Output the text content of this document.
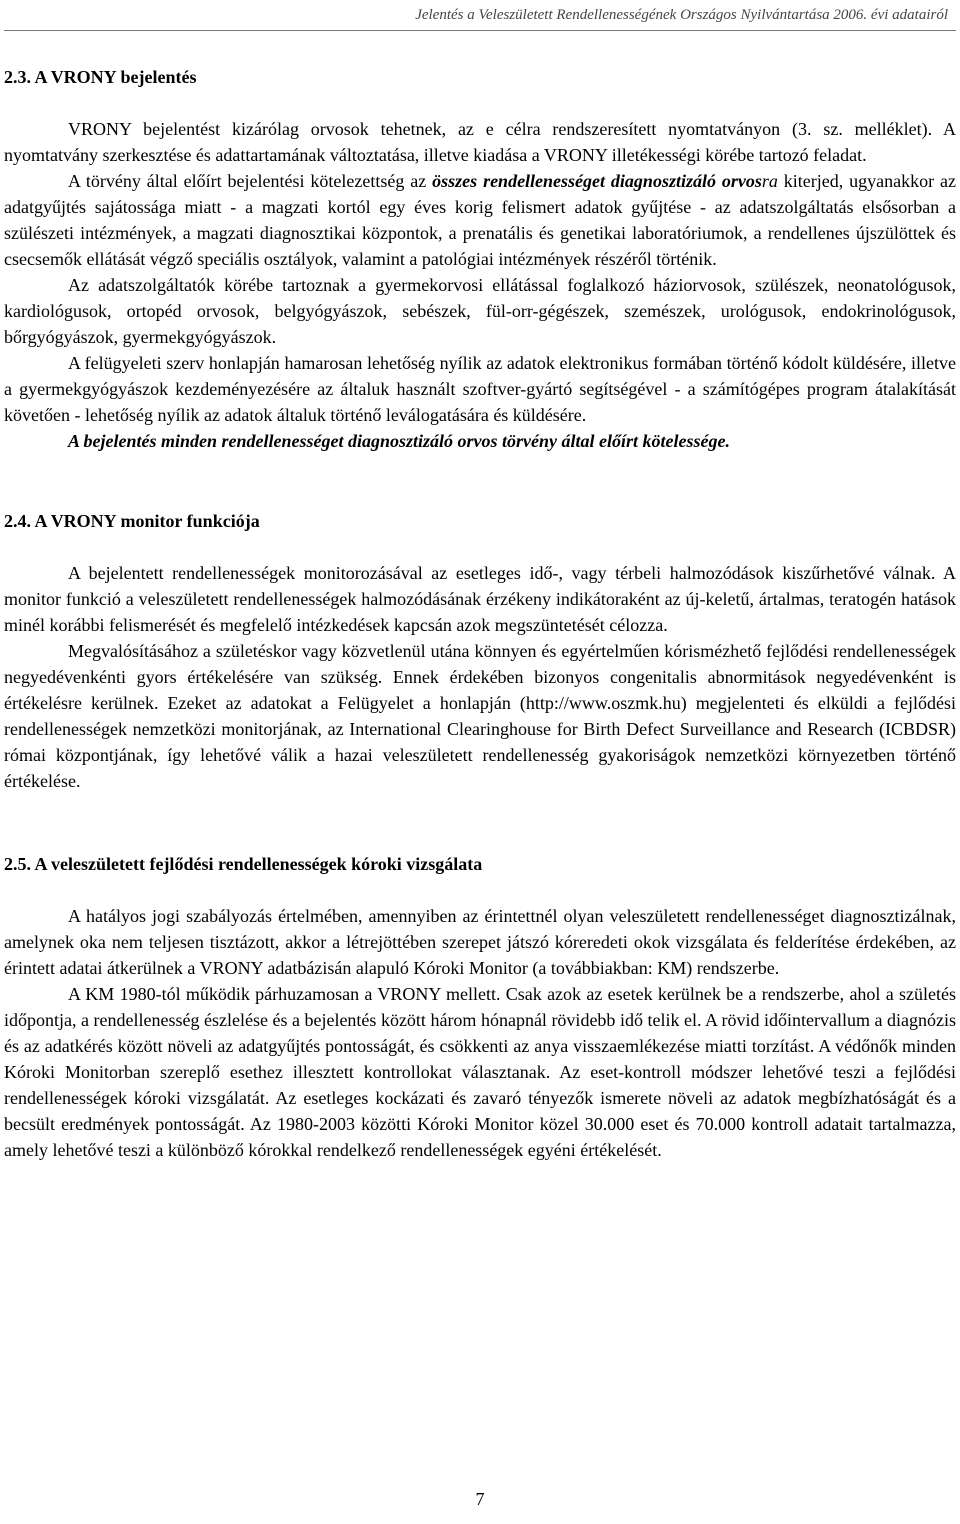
Jelentés a Veleszületett Rendellenességének Országos Nyilvántartása 2006. évi adatairól
2.3. A VRONY bejelentés

VRONY bejelentést kizárólag orvosok tehetnek, az e célra rendszeresített nyomtatványon (3. sz. melléklet). A nyomtatvány szerkesztése és adattartamának változtatása, illetve kiadása a VRONY illetékességi körébe tartozó feladat.

A törvény által előírt bejelentési kötelezettség az összes rendellenességet diagnosztizáló orvosra kiterjed, ugyanakkor az adatgyűjtés sajátossága miatt - a magzati kortól egy éves korig felismert adatok gyűjtése - az adatszolgáltatás elsősorban a szülészeti intézmények, a magzati diagnosztikai központok, a prenatális és genetikai laboratóriumok, a rendellenes újszülöttek és csecsemők ellátását végző speciális osztályok, valamint a patológiai intézmények részéről történik.

Az adatszolgáltatók körébe tartoznak a gyermekorvosi ellátással foglalkozó háziorvosok, szülészek, neonatológusok, kardiológusok, ortopéd orvosok, belgyógyászok, sebészek, fül-orr-gégészek, szemészek, urológusok, endokrinológusok, bőrgyógyászok, gyermekgyógyászok.

A felügyeleti szerv honlapján hamarosan lehetőség nyílik az adatok elektronikus formában történő kódolt küldésére, illetve a gyermekgyógyászok kezdeményezésére az általuk használt szoftver-gyártó segítségével - a számítógépes program átalakítását követően - lehetőség nyílik az adatok általuk történő leválogatására és küldésére.

A bejelentés minden rendellenességet diagnosztizáló orvos törvény által előírt kötelessége.

2.4. A VRONY monitor funkciója

A bejelentett rendellenességek monitorozásával az esetleges idő-, vagy térbeli halmozódások kiszűrhetővé válnak. A monitor funkció a veleszületett rendellenességek halmozódásának érzékeny indikátoraként az új-keletű, ártalmas, teratogén hatások minél korábbi felismerését és megfelelő intézkedések kapcsán azok megszüntetését célozza.

Megvalósításához a születéskor vagy közvetlenül utána könnyen és egyértelműen kórismézhető fejlődési rendellenességek negyedévenkénti gyors értékelésére van szükség. Ennek érdekében bizonyos congenitalis abnormitások negyedévenként is értékelésre kerülnek. Ezeket az adatokat a Felügyelet a honlapján (http://www.oszmk.hu) megjelenteti és elküldi a fejlődési rendellenességek nemzetközi monitorjának, az International Clearinghouse for Birth Defect Surveillance and Research (ICBDSR) római központjának, így lehetővé válik a hazai veleszületett rendellenesség gyakoriságok nemzetközi környezetben történő értékelése.

2.5. A veleszületett fejlődési rendellenességek kóroki vizsgálata

A hatályos jogi szabályozás értelmében, amennyiben az érintettnél olyan veleszületett rendellenességet diagnosztizálnak, amelynek oka nem teljesen tisztázott, akkor a létrejöttében szerepet játszó kóreredeti okok vizsgálata és felderítése érdekében, az érintett adatai átkerülnek a VRONY adatbázisán alapuló Kóroki Monitor (a továbbiakban: KM) rendszerbe.

A KM 1980-tól működik párhuzamosan a VRONY mellett. Csak azok az esetek kerülnek be a rendszerbe, ahol a születés időpontja, a rendellenesség észlelése és a bejelentés között három hónapnál rövidebb idő telik el. A rövid időintervallum a diagnózis és az adatkérés között növeli az adatgyűjtés pontosságát, és csökkenti az anya visszaemlékezése miatti torzítást. A védőnők minden Kóroki Monitorban szereplő esethez illesztett kontrollokat választanak. Az eset-kontroll módszer lehetővé teszi a fejlődési rendellenességek kóroki vizsgálatát. Az esetleges kockázati és zavaró tényezők ismerete növeli az adatok megbízhatóságát és a becsült eredmények pontosságát. Az 1980-2003 közötti Kóroki Monitor közel 30.000 eset és 70.000 kontroll adatait tartalmazza, amely lehetővé teszi a különböző kórokkal rendelkező rendellenességek egyéni értékelését.

7
